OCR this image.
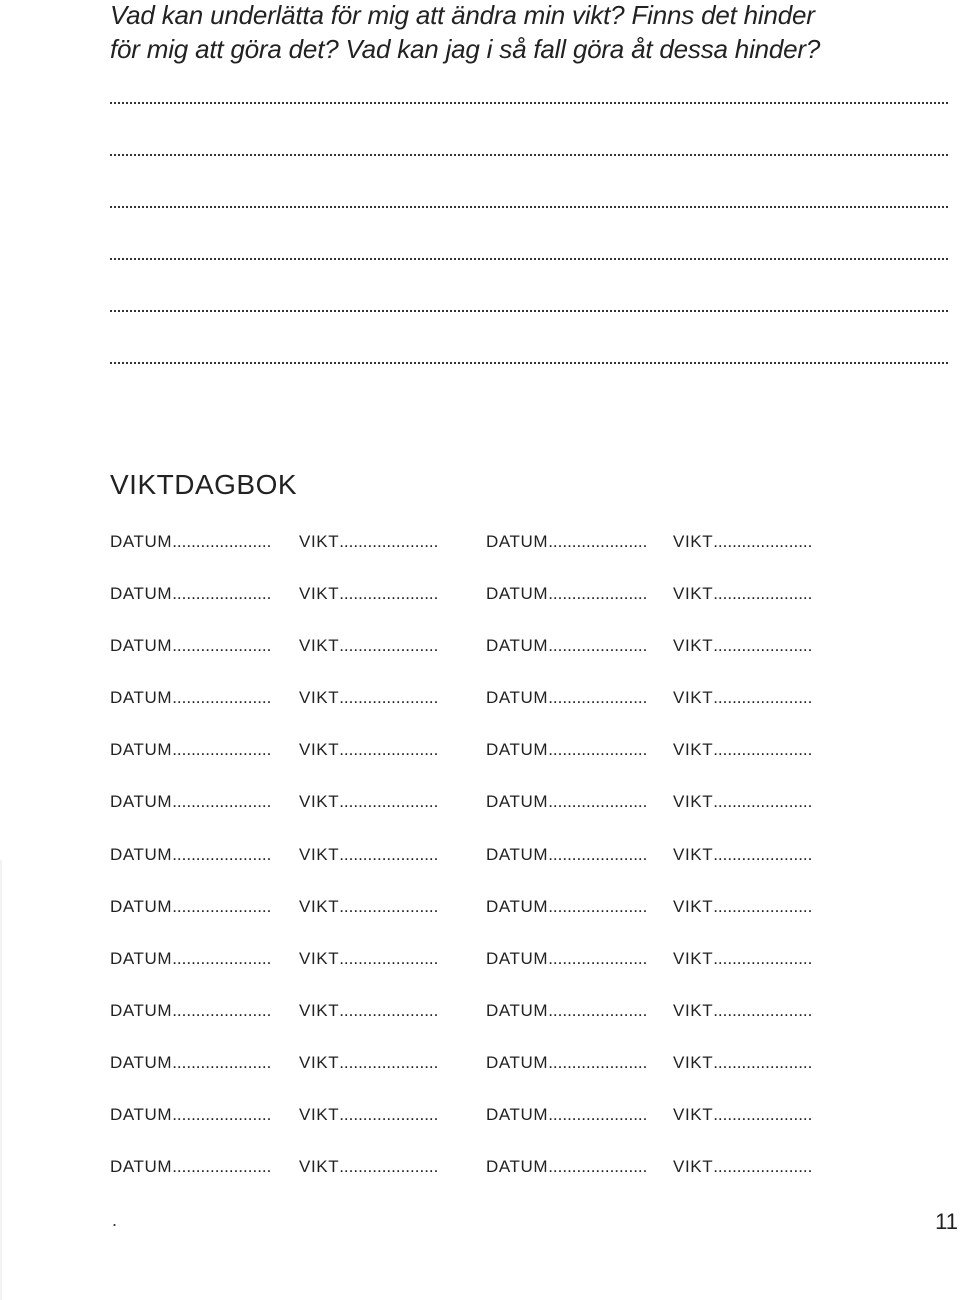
Vad kan underlätta för mig att ändra min vikt? Finns det hinder
för mig att göra det? Vad kan jag i så fall göra åt dessa hinder?
VIKTDAGBOK
DATUM..................... VIKT.....................	DATUM..................... VIKT.....................
DATUM..................... VIKT.....................	DATUM..................... VIKT.....................
DATUM..................... VIKT.....................	DATUM..................... VIKT.....................
DATUM..................... VIKT.....................	DATUM..................... VIKT.....................
DATUM..................... VIKT.....................	DATUM..................... VIKT.....................
DATUM..................... VIKT.....................	DATUM..................... VIKT.....................
DATUM..................... VIKT.....................	DATUM..................... VIKT.....................
DATUM..................... VIKT.....................	DATUM..................... VIKT.....................
DATUM..................... VIKT.....................	DATUM..................... VIKT.....................
DATUM..................... VIKT.....................	DATUM..................... VIKT.....................
DATUM..................... VIKT.....................	DATUM..................... VIKT.....................
DATUM..................... VIKT.....................	DATUM..................... VIKT.....................
DATUM..................... VIKT.....................	DATUM..................... VIKT.....................
.	11
